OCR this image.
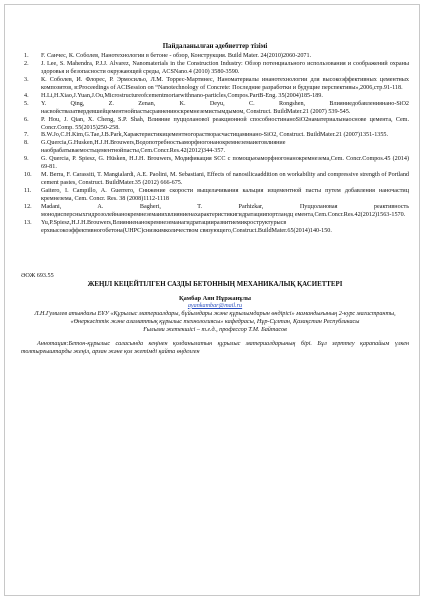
Пайдаланылған әдебиеттер тізімі
1. F. Санчес, К. Соболев, Нанотехнологии в бетоне - обзор, Конструкция. Build Mater. 24(2010)2060-2071.
2. J. Lee, S. Mahendra, P.J.J. Alvarez, Nanomaterials in the Construction Industry: Обзор потенциального использования и соображений охраны здоровья и безопасности окружающей среды, ACSNano.4 (2010) 3580-3590.
3. К. Соболев, И. Флорес, Р. Эрмосильо, Л.М. Торрес-Мартинес, Наноматериалы инанотехнологии для высокоэффективных цементных композитов, в:Proceedings of ACISession on “Nanotechnology of Concrete: Последние разработки и будущие перспективы»,2006,стр.91-118.
4. H.Li,H.Xiao,J.Yuan,J.Ou,Microstructureofcementmortarwithnano-particles,Compos.PartB-Eng. 35(2004)185-189.
5. Y. Qing, Z. Zenan, K. Deyu, C. Rongshen, Влияниедобавлениянано-SiO2 насвойствазатвердевшейцементнойпастысравнениюскремнеземистымдымом, Construct. BuildMater.21 (2007) 539-545.
6. P. Hou, J. Qian, X. Cheng, S.P. Shah, Влияние пуццоланової реакционной способностинаноSiO2наматериалынаоснове цемента, Cem. Concr.Comp. 55(2015)250-258.
7. B.W.Jo,C.H.Kim,G.Tae,J.B.Park,Характеристикицементногорастворасчастицаминано-SiO2, Construct. BuildMater.21 (2007)1351-1355.
8. G.Quercia,G.Husken,H.J.H.Brouwers,Водопотребностьаморфногонанокремнеземаиеговлияние наобрабатываемостьцементнойпасты,Cem.Concr.Res.42(2012)344-357.
9. G. Quercia, P. Spiesz, G. Hüsken, H.J.H. Brouwers, Модификация SCC с помощьюаморфногонанокремнезема,Cem. Concr.Compos.45 (2014) 69-81.
10. M. Berra, F. Carassiti, T. Mangialardi, A.E. Paolini, M. Sebastiani, Effects of nanosilicaaddition on workability and compressive strength of Portland cement pastes, Construct. BuildMater.35 (2012) 666-675.
11. Gaitero, I. Campillo, A. Guerrero, Снижение скорости выщелачивания кальция изцементной пасты путем добавления наночастиц кремнезема, Cem. Concr. Res. 38 (2008)1112-1118
12. Madani, A. Bagheri, T. Parhizkar, Пуццолановая реактивность монодисперсныхгидрозолейнанокремнеземаиихвлияниенахарактеристикигидратациипортландц емента,Cem.Concr.Res.42(2012)1563-1570.
13. Yu,P.Spiesz,H.J.H.Brouwers,Влияниенанокремнеземанагидратацииразвитиемикроструктурысв ерхвысокоэффективногобетона(UHPC)снизкимколичеством связующего,Construct.BuildMater.65(2014)140-150.
ӘОЖ 693.55
ЖЕҢІЛ КЕЦЕЙТІЛГЕН САЗДЫ БЕТОННЫҢ МЕХАНИКАЛЫҚ ҚАСИЕТТЕРІ
Қамбар Аян Нұржанұлы
ayankambar@mail.ru
Л.Н.Гумилев атындағы ЕҰУ «Құрылыс материалдары, бұйымдары және құрылымдарын өндірісі» мамандығының 2-курс магистранты, «Өнеркәсіптік және азаматтық құрылыс технологиясы» кафедрасы, Нұр-Сұлтан, Қазақстан Республикасы
Ғылыми жетекшісі – т.ғ.д., профессор Т.М. Байтасов
Аннотация:Бетон-құрылыс саласында кеңінен қолданылатын құрылыс материалдарының бірі. Бұл зерттеу қарапайым үлкен толтырғыштарды жеңіл, арзан және қол жетімді қайта өңделген
